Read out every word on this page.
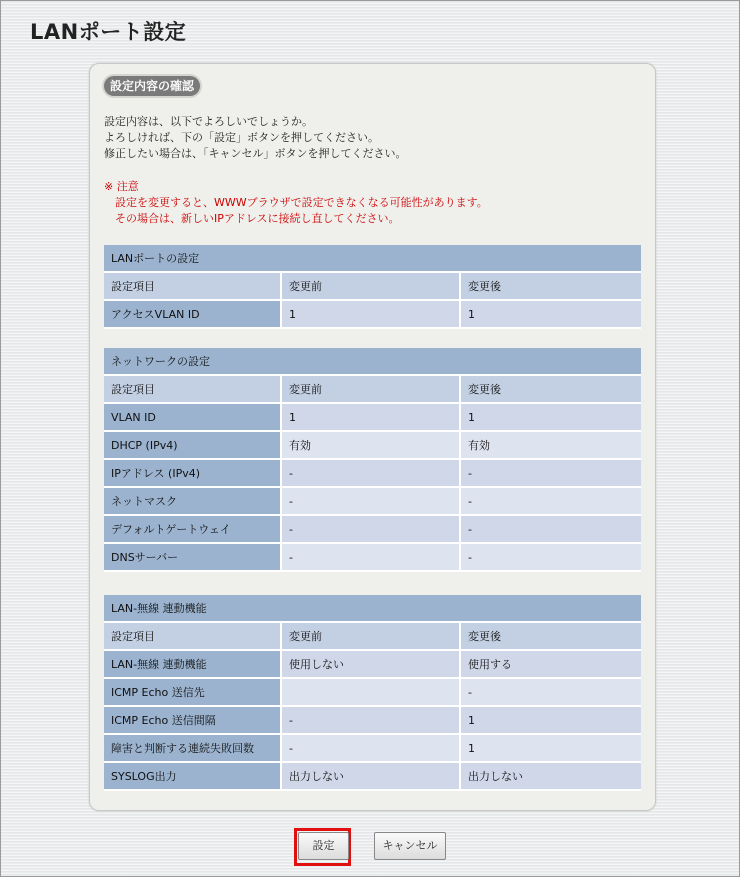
LANポート設定
設定内容の確認
設定内容は、以下でよろしいでしょうか。
よろしければ、下の「設定」ボタンを押してください。
修正したい場合は、「キャンセル」ボタンを押してください。
※ 注意
設定を変更すると、WWWブラウザで設定できなくなる可能性があります。
その場合は、新しいIPアドレスに接続し直してください。
LANポートの設定		
設定項目	変更前	変更後
アクセスVLAN ID	1	1
ネットワークの設定		
設定項目	変更前	変更後
VLAN ID	1	1
DHCP (IPv4)	有効	有効
IPアドレス (IPv4)	-	-
ネットマスク	-	-
デフォルトゲートウェイ	-	-
DNSサーバー	-	-
LAN-無線 連動機能		
設定項目	変更前	変更後
LAN-無線 連動機能	使用しない	使用する
ICMP Echo 送信先		-
ICMP Echo 送信間隔	-	1
障害と判断する連続失敗回数	-	1
SYSLOG出力	出力しない	出力しない
設定	キャンセル
